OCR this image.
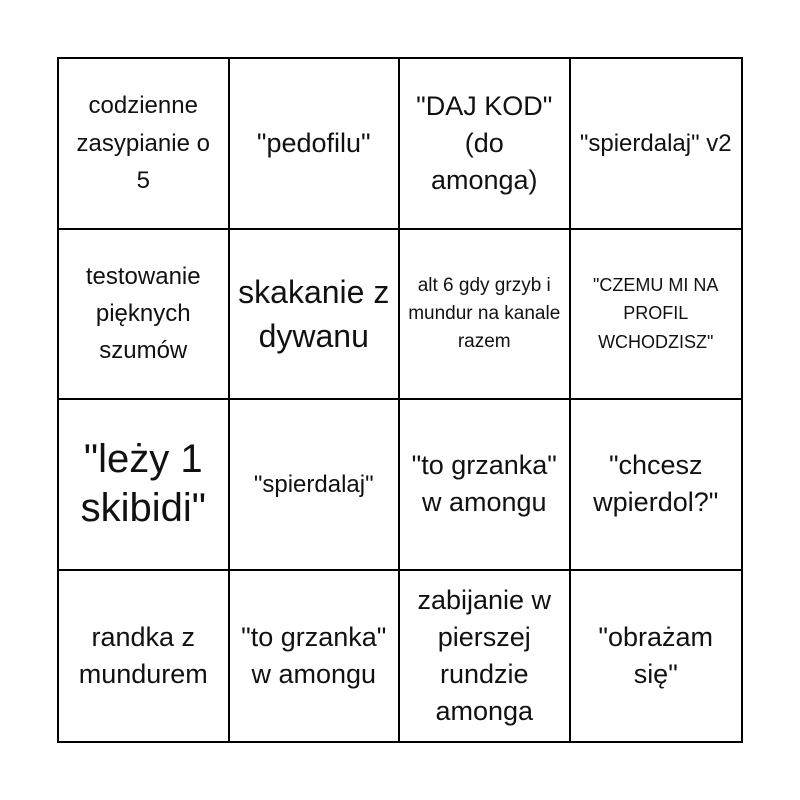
codzienne zasypianie o 5
"pedofilu"
"DAJ KOD" (do amonga)
"spierdalaj" v2
testowanie pięknych szumów
skakanie z dywanu
alt 6 gdy grzyb i mundur na kanale razem
"CZEMU MI NA PROFIL WCHODZISZ"
"leży 1 skibidi"
"spierdalaj"
"to grzanka" w amongu
"chcesz wpierdol?"
randka z mundurem
"to grzanka" w amongu
zabijanie w pierszej rundzie amonga
"obrażam się"
